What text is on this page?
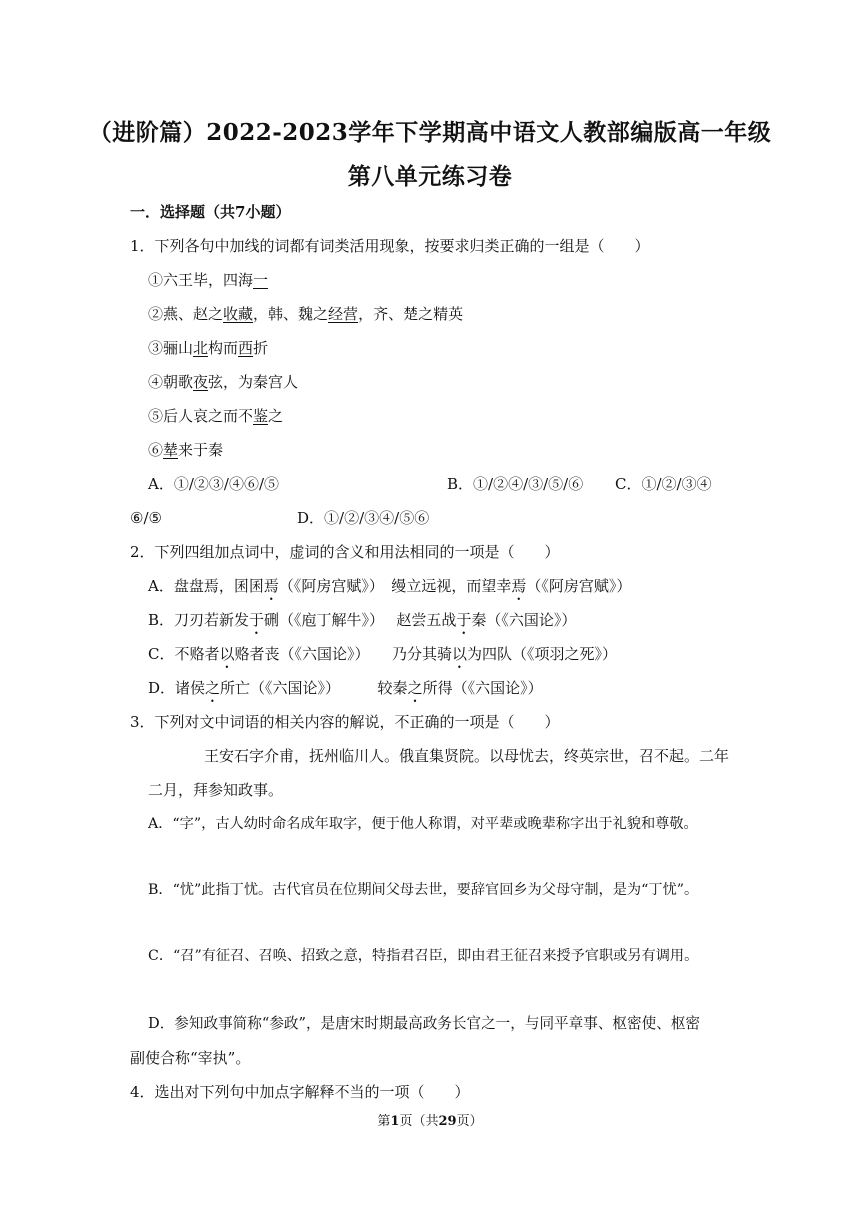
（进阶篇）2022-2023学年下学期高中语文人教部编版高一年级
第八单元练习卷
一．选择题（共7小题）
1．下列各句中加线的词都有词类活用现象，按要求归类正确的一组是（　　）
①六王毕，四海一
②燕、赵之收藏，韩、魏之经营，齐、楚之精英
③骊山北构而西折
④朝歌夜弦，为秦宫人
⑤后人哀之而不鉴之
⑥辇来于秦
A．①/②③/④⑥/⑤	B．①/②④/③/⑤/⑥ C．①/②/③④
⑥/⑤	D．①/②/③④/⑤⑥
2．下列四组加点词中，虚词的含义和用法相同的一项是（　　）
A．盘盘焉，囷囷焉（《阿房宫赋》）　缦立远视，而望幸焉（《阿房宫赋》）
B．刀刃若新发于硎（《庖丁解牛》）　 赵尝五战于秦（《六国论》）
C．不赂者以赂者丧（《六国论》）　　乃分其骑以为四队（《项羽之死》）
D．诸侯之所亡（《六国论》）　　　较秦之所得（《六国论》）
3．下列对文中词语的相关内容的解说，不正确的一项是（　　）
王安石字介甫，抚州临川人。俄直集贤院。以母忧去，终英宗世，召不起。二年
二月，拜参知政事。
A．“字”，古人幼时命名成年取字，便于他人称谓，对平辈或晚辈称字出于礼貌和尊敬。
B．“忧”此指丁忧。古代官员在位期间父母去世，要辞官回乡为父母守制，是为“丁忧”。
C．“召”有征召、召唤、招致之意，特指君召臣，即由君王征召来授予官职或另有调用。
D．参知政事简称“参政”，是唐宋时期最高政务长官之一，与同平章事、枢密使、枢密
副使合称“宰执”。
4．选出对下列句中加点字解释不当的一项（　　）
第1页（共29页）
